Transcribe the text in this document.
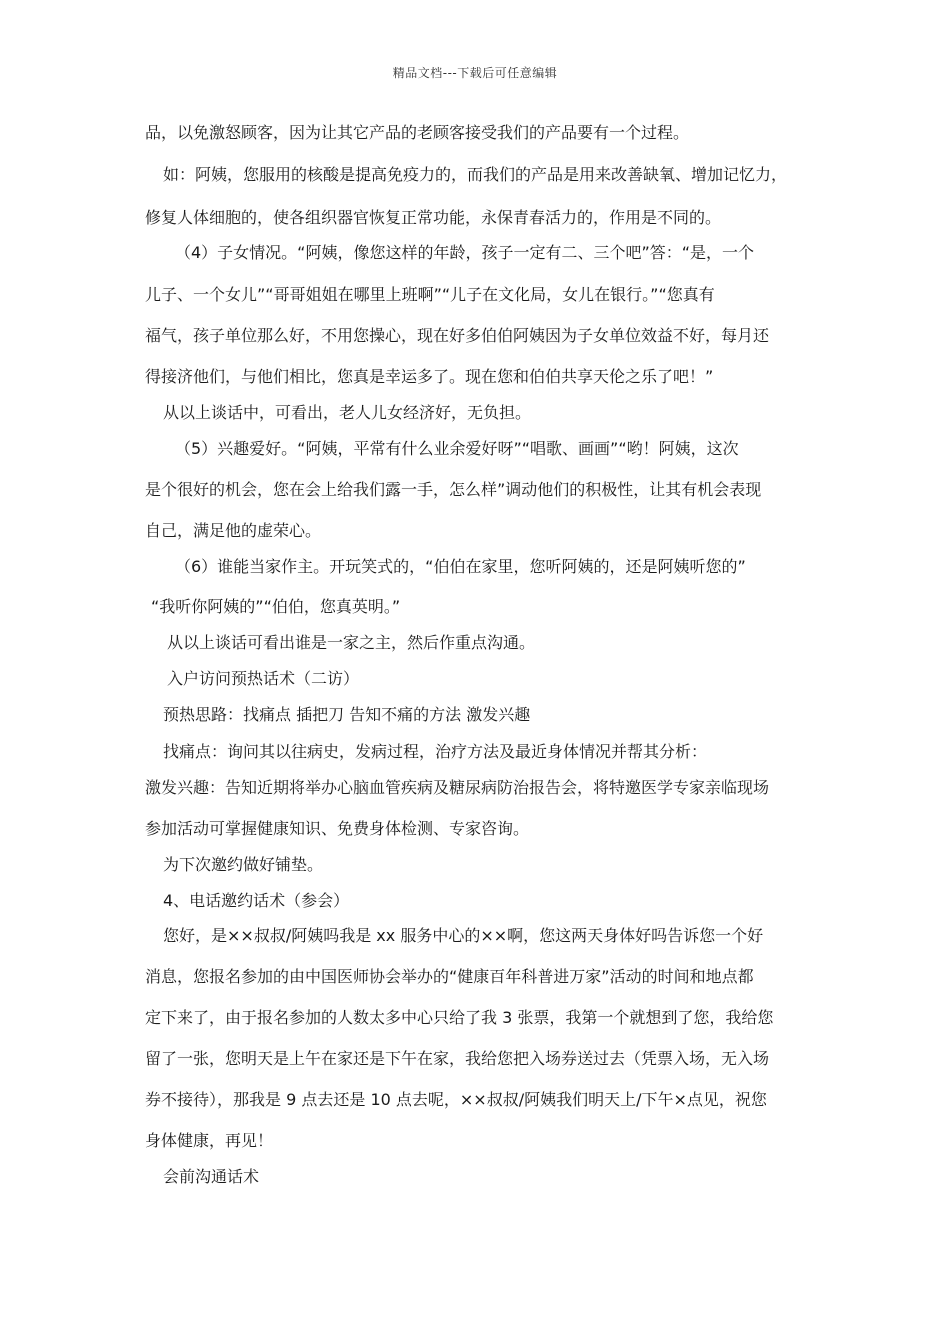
精品文档---下载后可任意编辑
品，以免激怒顾客，因为让其它产品的老顾客接受我们的产品要有一个过程。
如：阿姨，您服用的核酸是提高免疫力的，而我们的产品是用来改善缺氧、增加记忆力，
修复人体细胞的，使各组织器官恢复正常功能，永保青春活力的，作用是不同的。
（4）子女情况。“阿姨，像您这样的年龄，孩子一定有二、三个吧”答：“是，一个
儿子、一个女儿”“哥哥姐姐在哪里上班啊”“儿子在文化局，女儿在银行。”“您真有
福气，孩子单位那么好，不用您操心，现在好多伯伯阿姨因为子女单位效益不好，每月还
得接济他们，与他们相比，您真是幸运多了。现在您和伯伯共享天伦之乐了吧！”
从以上谈话中，可看出，老人儿女经济好，无负担。
（5）兴趣爱好。“阿姨，平常有什么业余爱好呀”“唱歌、画画”“哟！阿姨，这次
是个很好的机会，您在会上给我们露一手，怎么样”调动他们的积极性，让其有机会表现
自己，满足他的虚荣心。
（6）谁能当家作主。开玩笑式的，“伯伯在家里，您听阿姨的，还是阿姨听您的”
“我听你阿姨的”“伯伯，您真英明。”
从以上谈话可看出谁是一家之主，然后作重点沟通。
入户访问预热话术（二访）
预热思路：找痛点 插把刀 告知不痛的方法 激发兴趣
找痛点：询问其以往病史，发病过程，治疗方法及最近身体情况并帮其分析：
激发兴趣：告知近期将举办心脑血管疾病及糖尿病防治报告会，将特邀医学专家亲临现场
参加活动可掌握健康知识、免费身体检测、专家咨询。
为下次邀约做好铺垫。
4、电话邀约话术（参会）
您好，是××叔叔/阿姨吗我是 xx 服务中心的××啊，您这两天身体好吗告诉您一个好
消息，您报名参加的由中国医师协会举办的“健康百年科普进万家”活动的时间和地点都
定下来了，由于报名参加的人数太多中心只给了我 3 张票，我第一个就想到了您，我给您
留了一张，您明天是上午在家还是下午在家，我给您把入场券送过去（凭票入场，无入场
券不接待），那我是 9 点去还是 10 点去呢，××叔叔/阿姨我们明天上/下午×点见，祝您
身体健康，再见！
会前沟通话术
